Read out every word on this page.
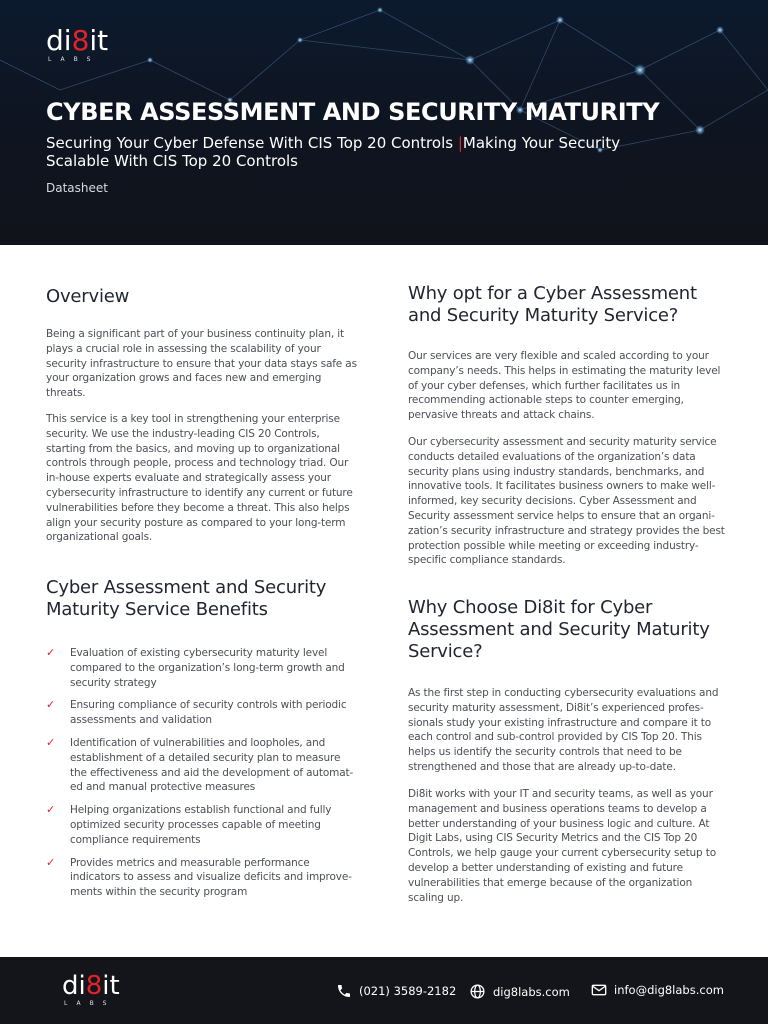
di8it
LABS
CYBER ASSESSMENT AND SECURITY MATURITY
Securing Your Cyber Defense With CIS Top 20 Controls |Making Your Security Scalable With CIS Top 20 Controls
Datasheet
Overview

Being a significant part of your business continuity plan, it plays a crucial role in assessing the scalability of your security infrastructure to ensure that your data stays safe as your organization grows and faces new and emerging threats.

This service is a key tool in strengthening your enterprise security. We use the industry-leading CIS 20 Controls, starting from the basics, and moving up to organizational controls through people, process and technology triad. Our in-house experts evaluate and strategically assess your cybersecurity infrastructure to identify any current or future vulnerabilities before they become a threat. This also helps align your security posture as compared to your long-term organizational goals.

Cyber Assessment and Security Maturity Service Benefits
✓ Evaluation of existing cybersecurity maturity level compared to the organization’s long-term growth and security strategy
✓ Ensuring compliance of security controls with periodic assessments and validation
✓ Identification of vulnerabilities and loopholes, and establishment of a detailed security plan to measure the effectiveness and aid the development of automat-ed and manual protective measures
✓ Helping organizations establish functional and fully optimized security processes capable of meeting compliance requirements
✓ Provides metrics and measurable performance indicators to assess and visualize deficits and improve-ments within the security program
Why opt for a Cyber Assessment and Security Maturity Service?

Our services are very flexible and scaled according to your company’s needs. This helps in estimating the maturity level of your cyber defenses, which further facilitates us in recommending actionable steps to counter emerging, pervasive threats and attack chains.

Our cybersecurity assessment and security maturity service conducts detailed evaluations of the organization’s data security plans using industry standards, benchmarks, and innovative tools. It facilitates business owners to make well-informed, key security decisions. Cyber Assessment and Security assessment service helps to ensure that an organi-zation’s security infrastructure and strategy provides the best protection possible while meeting or exceeding industry-specific compliance standards.

Why Choose Di8it for Cyber Assessment and Security Maturity Service?

As the first step in conducting cybersecurity evaluations and security maturity assessment, Di8it’s experienced profes-sionals study your existing infrastructure and compare it to each control and sub-control provided by CIS Top 20. This helps us identify the security controls that need to be strengthened and those that are already up-to-date.

Di8it works with your IT and security teams, as well as your management and business operations teams to develop a better understanding of your business logic and culture. At Digit Labs, using CIS Security Metrics and the CIS Top 20 Controls, we help gauge your current cybersecurity setup to develop a better understanding of existing and future vulnerabilities that emerge because of the organization scaling up.

di8it
LABS
(021) 3589-2182	dig8labs.com	info@dig8labs.com
